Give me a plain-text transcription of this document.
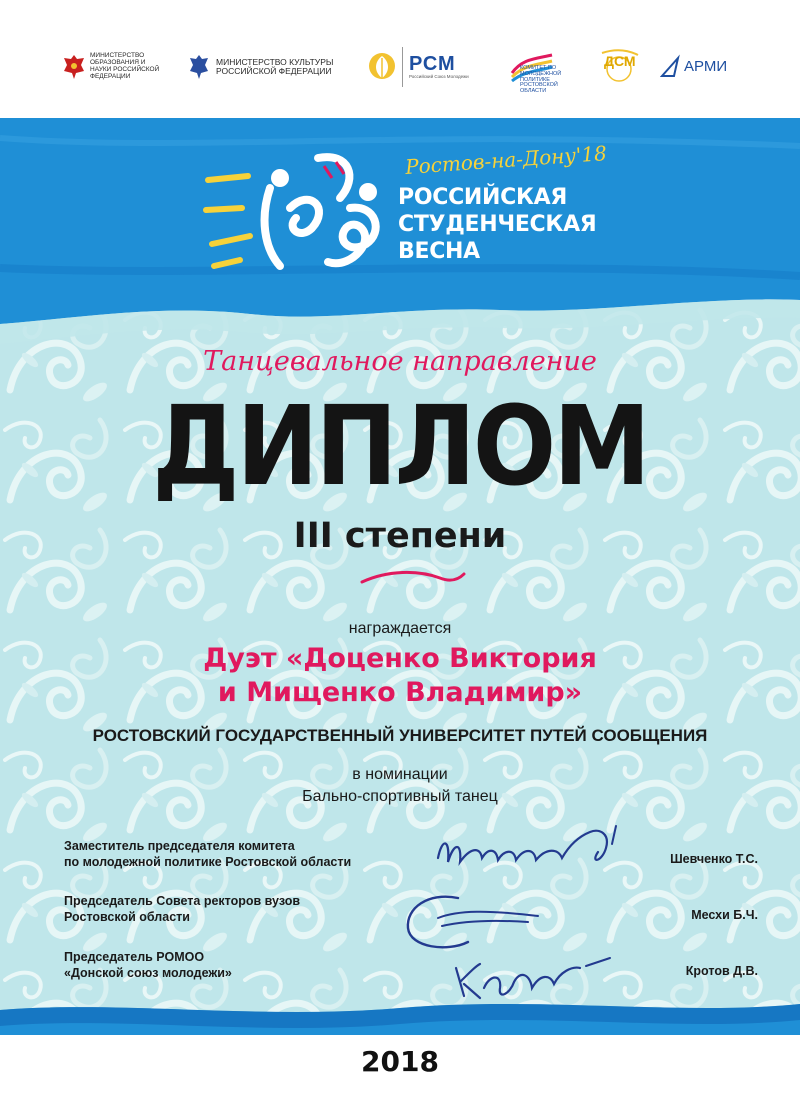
МИНИСТЕРСТВО ОБРАЗОВАНИЯ И НАУКИ РОССИЙСКОЙ ФЕДЕРАЦИИ
МИНИСТЕРСТВО КУЛЬТУРЫ РОССИЙСКОЙ ФЕДЕРАЦИИ	РСМ
Российский Союз Молодежи
КОМИТЕТ ПО МОЛОДЕЖНОЙ ПОЛИТИКЕ РОСТОВСКОЙ ОБЛАСТИ
ДСМ	АРМИ
Ростов-на-Дону'18
РОССИЙСКАЯ
СТУДЕНЧЕСКАЯ
ВЕСНА
Танцевальное направление
ДИПЛОМ
III степени
награждается
Дуэт «Доценко Виктория
и Мищенко Владимир»
РОСТОВСКИЙ ГОСУДАРСТВЕННЫЙ УНИВЕРСИТЕТ ПУТЕЙ СООБЩЕНИЯ
в номинации
Бально-спортивный танец
Заместитель председателя комитета
по молодежной политике Ростовской области	Шевченко Т.С.
Председатель Совета ректоров вузов
Ростовской области	Месхи Б.Ч.
Председатель РОМОО
«Донской союз молодежи»	Кротов Д.В.
2018
